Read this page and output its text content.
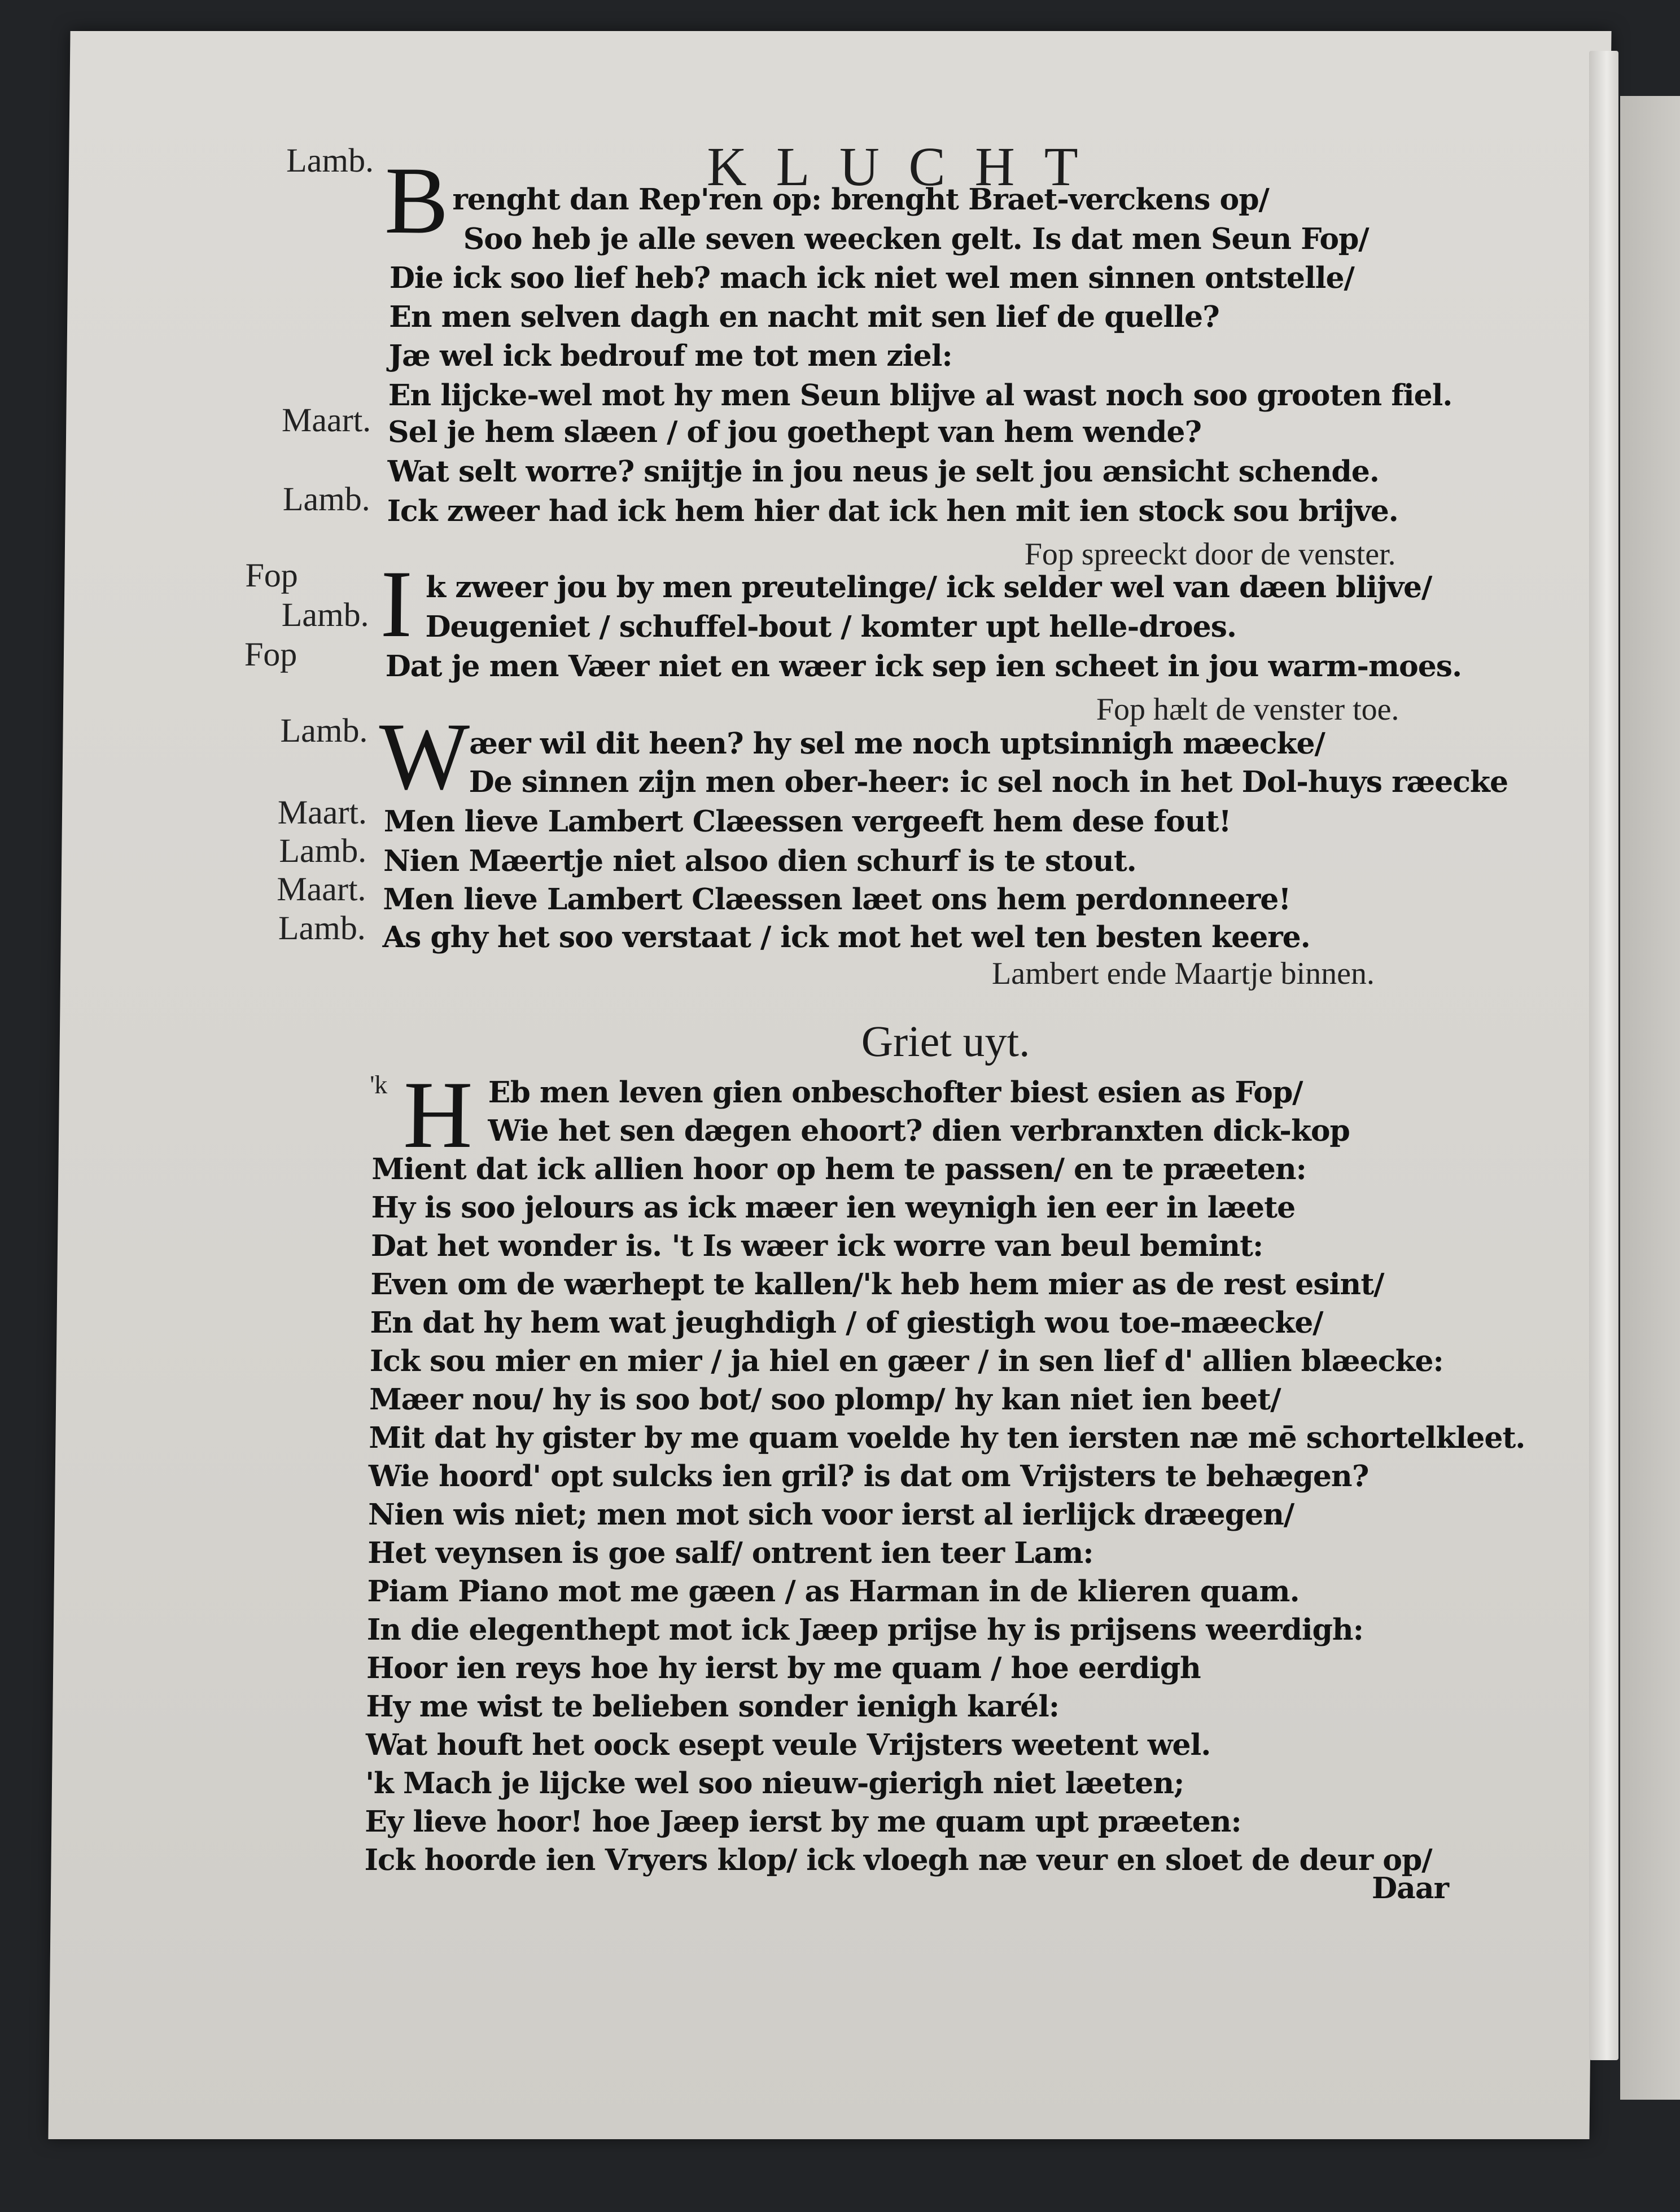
KLUCHT
Lamb. B renght dan Rep'ren op: brenght Braet-verckens op/
Soo heb je alle seven weecken gelt. Is dat men Seun Fop/
Die ick soo lief heb? mach ick niet wel men sinnen ontstelle/
En men selven dagh en nacht mit sen lief de quelle?
Jæ wel ick bedrouf me tot men ziel:
En lijcke-wel mot hy men Seun blijve al wast noch soo grooten fiel.
Maart. Sel je hem slæen / of jou goethept van hem wende?
Wat selt worre? snijtje in jou neus je selt jou ænsicht schende.
Lamb. Ick zweer had ick hem hier dat ick hen mit ien stock sou brijve.
Fop spreeckt door de venster.
Fop I k zweer jou by men preutelinge/ ick selder wel van dæen blijve/
Lamb. Deugeniet / schuffel-bout / komter upt helle-droes.
Fop	Dat je men Væer niet en wæer ick sep ien scheet in jou warm-moes.
Fop hælt de venster toe.
Lamb. W
æer wil dit heen? hy sel me noch uptsinnigh mæecke/
De sinnen zijn men ober-heer: ic sel noch in het Dol-huys ræecke
Maart. Men lieve Lambert Clæessen vergeeft hem dese fout!
Lamb. Nien Mæertje niet alsoo dien schurf is te stout.
Maart. Men lieve Lambert Clæessen læet ons hem perdonneere!
Lamb. As ghy het soo verstaat / ick mot het wel ten besten keere.
Lambert ende Maartje binnen.
Griet uyt.
'k H Eb men leven gien onbeschofter biest esien as Fop/
Wie het sen dægen ehoort? dien verbranxten dick-kop
Mient dat ick allien hoor op hem te passen/ en te præeten:
Hy is soo jelours as ick mæer ien weynigh ien eer in læete
Dat het wonder is. 't Is wæer ick worre van beul bemint:
Even om de wærhept te kallen/'k heb hem mier as de rest esint/
En dat hy hem wat jeughdigh / of giestigh wou toe-mæecke/
Ick sou mier en mier / ja hiel en gæer / in sen lief d' allien blæecke:
Mæer nou/ hy is soo bot/ soo plomp/ hy kan niet ien beet/
Mit dat hy gister by me quam voelde hy ten iersten næ mē schortelkleet.
Wie hoord' opt sulcks ien gril? is dat om Vrijsters te behægen?
Nien wis niet; men mot sich voor ierst al ierlijck dræegen/
Het veynsen is goe salf/ ontrent ien teer Lam:
Piam Piano mot me gæen / as Harman in de klieren quam.
In die elegenthept mot ick Jæep prijse hy is prijsens weerdigh:
Hoor ien reys hoe hy ierst by me quam / hoe eerdigh
Hy me wist te belieben sonder ienigh karél:
Wat houft het oock esept veule Vrijsters weetent wel.
'k Mach je lijcke wel soo nieuw-gierigh niet læeten;
Ey lieve hoor! hoe Jæep ierst by me quam upt præeten:
Ick hoorde ien Vryers klop/ ick vloegh næ veur en sloet de deur op/
Daar
